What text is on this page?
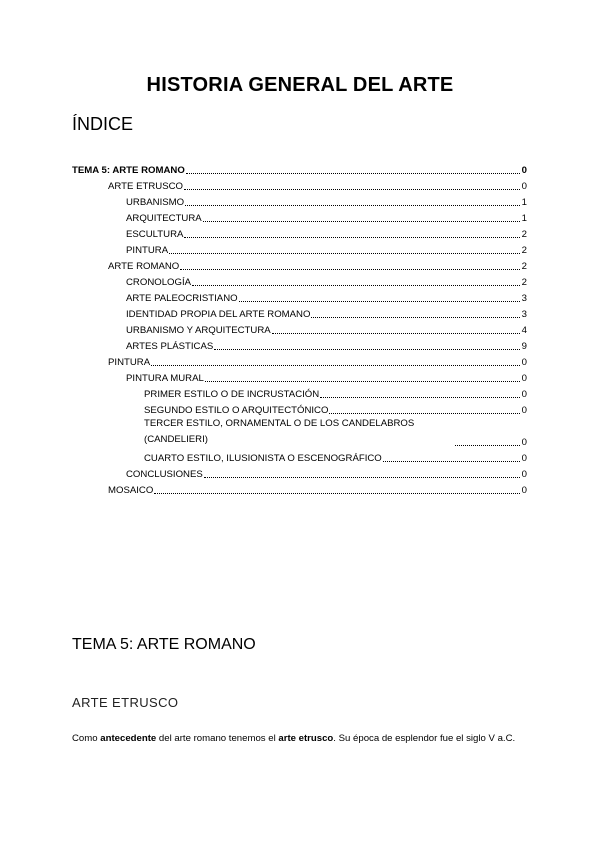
HISTORIA GENERAL DEL ARTE
ÍNDICE
TEMA 5: ARTE ROMANO	0
ARTE ETRUSCO	0
URBANISMO	1
ARQUITECTURA	1
ESCULTURA	2
PINTURA	2
ARTE ROMANO	2
CRONOLOGÍA	2
ARTE PALEOCRISTIANO	3
IDENTIDAD PROPIA DEL ARTE ROMANO	3
URBANISMO Y ARQUITECTURA	4
ARTES PLÁSTICAS	9
PINTURA	0
PINTURA MURAL	0
PRIMER ESTILO O DE INCRUSTACIÓN	0
SEGUNDO ESTILO O ARQUITECTÓNICO	0
TERCER ESTILO, ORNAMENTAL O DE LOS CANDELABROS (CANDELIERI)	0
CUARTO ESTILO, ILUSIONISTA O ESCENOGRÁFICO	0
CONCLUSIONES	0
MOSAICO	0
TEMA 5: ARTE ROMANO
ARTE ETRUSCO

Como antecedente del arte romano tenemos el arte etrusco. Su época de esplendor fue el siglo V a.C.
